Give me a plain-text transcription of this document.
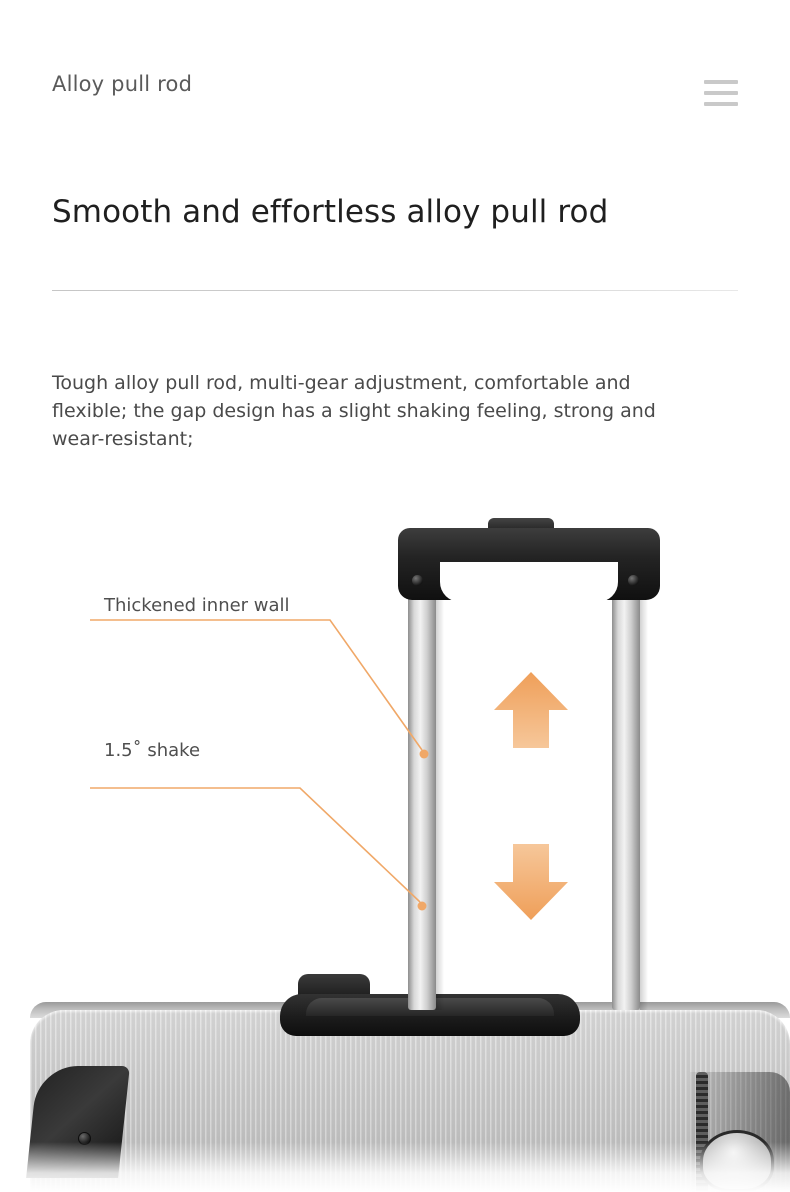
Alloy pull rod
Smooth and effortless alloy pull rod

Tough alloy pull rod, multi-gear adjustment, comfortable and flexible; the gap design has a slight shaking feeling, strong and wear-resistant;

Thickened inner wall
1.5˚ shake
